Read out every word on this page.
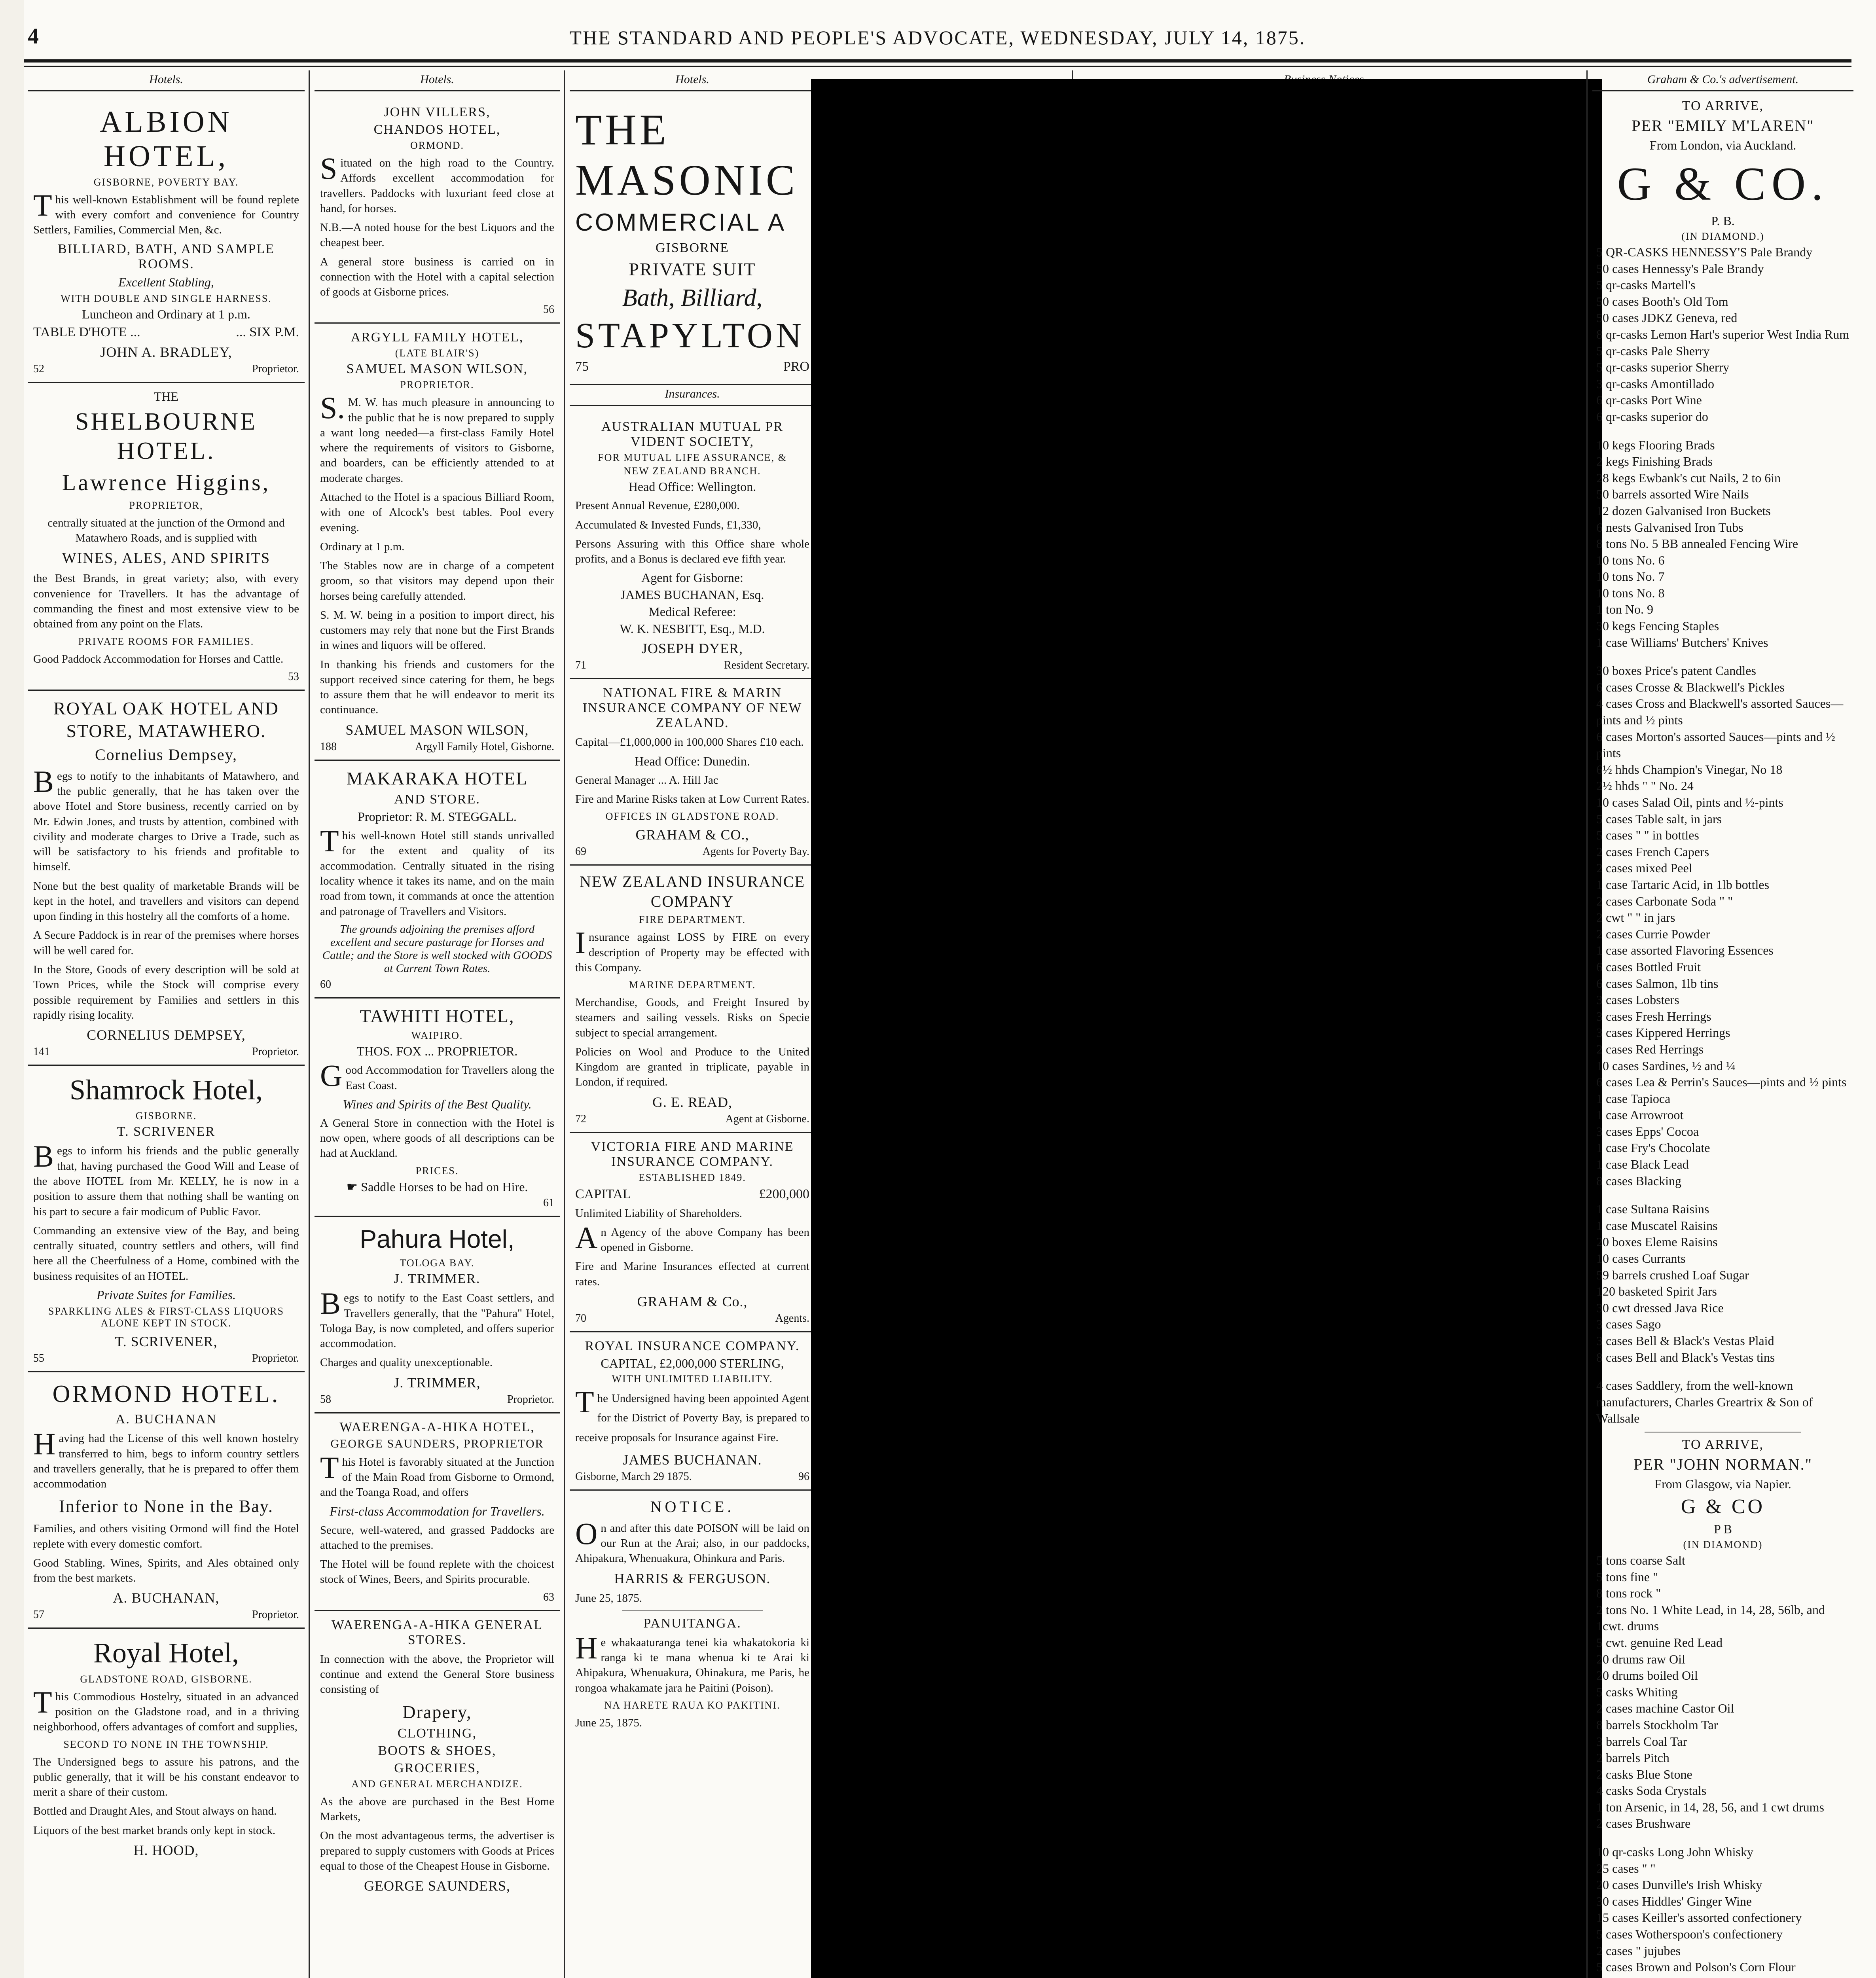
4	THE STANDARD AND PEOPLE'S ADVOCATE, WEDNESDAY, JULY 14, 1875.
Hotels.
ALBION HOTEL,
GISBORNE, POVERTY BAY.
This well-known Establishment will be found replete with every comfort and convenience for Country Settlers, Families, Commercial Men, &c.
BILLIARD, BATH, AND SAMPLE ROOMS.
Excellent Stabling,
WITH DOUBLE AND SINGLE HARNESS.
Luncheon and Ordinary at 1 p.m.
TABLE D'HOTE ...	... SIX P.M.
JOHN A. BRADLEY,
52	Proprietor.
THE
SHELBOURNE HOTEL.
Lawrence Higgins,
PROPRIETOR,
centrally situated at the junction of the Ormond and Matawhero Roads, and is supplied with
WINES, ALES, AND SPIRITS
the Best Brands, in great variety; also, with every convenience for Travellers. It has the advantage of commanding the finest and most extensive view to be obtained from any point on the Flats.
PRIVATE ROOMS FOR FAMILIES.
Good Paddock Accommodation for Horses and Cattle.
53
ROYAL OAK HOTEL AND STORE, MATAWHERO.
Cornelius Dempsey,
Begs to notify to the inhabitants of Matawhero, and the public generally, that he has taken over the above Hotel and Store business, recently carried on by Mr. Edwin Jones, and trusts by attention, combined with civility and moderate charges to Drive a Trade, such as will be satisfactory to his friends and profitable to himself.
None but the best quality of marketable Brands will be kept in the hotel, and travellers and visitors can depend upon finding in this hostelry all the comforts of a home.
A Secure Paddock is in rear of the premises where horses will be well cared for.
In the Store, Goods of every description will be sold at Town Prices, while the Stock will comprise every possible requirement by Families and settlers in this rapidly rising locality.
CORNELIUS DEMPSEY,
141	Proprietor.
Shamrock Hotel,
GISBORNE.
T. SCRIVENER
Begs to inform his friends and the public generally that, having purchased the Good Will and Lease of the above HOTEL from Mr. KELLY, he is now in a position to assure them that nothing shall be wanting on his part to secure a fair modicum of Public Favor.
Commanding an extensive view of the Bay, and being centrally situated, country settlers and others, will find here all the Cheerfulness of a Home, combined with the business requisites of an HOTEL.
Private Suites for Families.
SPARKLING ALES & FIRST-CLASS LIQUORS ALONE KEPT IN STOCK.
T. SCRIVENER,
55	Proprietor.
ORMOND HOTEL.
A. BUCHANAN
Having had the License of this well known hostelry transferred to him, begs to inform country settlers and travellers generally, that he is prepared to offer them accommodation
Inferior to None in the Bay.
Families, and others visiting Ormond will find the Hotel replete with every domestic comfort.
Good Stabling. Wines, Spirits, and Ales obtained only from the best markets.
A. BUCHANAN,
57	Proprietor.
Royal Hotel,
GLADSTONE ROAD, GISBORNE.
This Commodious Hostelry, situated in an advanced position on the Gladstone road, and in a thriving neighborhood, offers advantages of comfort and supplies,
SECOND TO NONE IN THE TOWNSHIP.
The Undersigned begs to assure his patrons, and the public generally, that it will be his constant endeavor to merit a share of their custom.
Bottled and Draught Ales, and Stout always on hand.
Liquors of the best market brands only kept in stock.
H. HOOD,
Hotels.
JOHN VILLERS,
CHANDOS HOTEL,
ORMOND.
Situated on the high road to the Country. Affords excellent accommodation for travellers. Paddocks with luxuriant feed close at hand, for horses.
N.B.—A noted house for the best Liquors and the cheapest beer.
A general store business is carried on in connection with the Hotel with a capital selection of goods at Gisborne prices.
56
ARGYLL FAMILY HOTEL,
(LATE BLAIR'S)
SAMUEL MASON WILSON,
PROPRIETOR.
S.M. W. has much pleasure in announcing to the public that he is now prepared to supply a want long needed—a first-class Family Hotel where the requirements of visitors to Gisborne, and boarders, can be efficiently attended to at moderate charges.
Attached to the Hotel is a spacious Billiard Room, with one of Alcock's best tables. Pool every evening.
Ordinary at 1 p.m.
The Stables now are in charge of a competent groom, so that visitors may depend upon their horses being carefully attended.
S. M. W. being in a position to import direct, his customers may rely that none but the First Brands in wines and liquors will be offered.
In thanking his friends and customers for the support received since catering for them, he begs to assure them that he will endeavor to merit its continuance.
SAMUEL MASON WILSON,
188	Argyll Family Hotel, Gisborne.
MAKARAKA HOTEL
AND STORE.
Proprietor: R. M. STEGGALL.
This well-known Hotel still stands unrivalled for the extent and quality of its accommodation. Centrally situated in the rising locality whence it takes its name, and on the main road from town, it commands at once the attention and patronage of Travellers and Visitors.
The grounds adjoining the premises afford excellent and secure pasturage for Horses and Cattle; and the Store is well stocked with GOODS at Current Town Rates.
60
TAWHITI HOTEL,
WAIPIRO.
THOS. FOX ... PROPRIETOR.
Good Accommodation for Travellers along the East Coast.
Wines and Spirits of the Best Quality.
A General Store in connection with the Hotel is now open, where goods of all descriptions can be had at Auckland.
PRICES.
☛ Saddle Horses to be had on Hire.
61
Pahura Hotel,
TOLOGA BAY.
J. TRIMMER.
Begs to notify to the East Coast settlers, and Travellers generally, that the "Pahura" Hotel, Tologa Bay, is now completed, and offers superior accommodation.
Charges and quality unexceptionable.
J. TRIMMER,
58	Proprietor.
WAERENGA-A-HIKA HOTEL,
GEORGE SAUNDERS, PROPRIETOR
This Hotel is favorably situated at the Junction of the Main Road from Gisborne to Ormond, and the Toanga Road, and offers
First-class Accommodation for Travellers.
Secure, well-watered, and grassed Paddocks are attached to the premises.
The Hotel will be found replete with the choicest stock of Wines, Beers, and Spirits procurable.
63
WAERENGA-A-HIKA GENERAL STORES.
In connection with the above, the Proprietor will continue and extend the General Store business consisting of
Drapery,
CLOTHING,
BOOTS & SHOES,
GROCERIES,
AND GENERAL MERCHANDIZE.
As the above are purchased in the Best Home Markets,
On the most advantageous terms, the advertiser is prepared to supply customers with Goods at Prices equal to those of the Cheapest House in Gisborne.
GEORGE SAUNDERS,
Hotels.
THE MASONIC
COMMERCIAL A
GISBORNE
PRIVATE SUIT
Bath, Billiard,
STAPYLTON
75	PRO
Insurances.
AUSTRALIAN MUTUAL PR VIDENT SOCIETY,
FOR MUTUAL LIFE ASSURANCE, &
NEW ZEALAND BRANCH.
Head Office: Wellington.
Present Annual Revenue, £280,000.
Accumulated & Invested Funds, £1,330,
Persons Assuring with this Office share whole profits, and a Bonus is declared eve fifth year.
Agent for Gisborne:
JAMES BUCHANAN, Esq.
Medical Referee:
W. K. NESBITT, Esq., M.D.
JOSEPH DYER,
71	Resident Secretary.
NATIONAL FIRE & MARIN INSURANCE COMPANY OF NEW ZEALAND.
Capital—£1,000,000 in 100,000 Shares £10 each.
Head Office: Dunedin.
General Manager ... A. Hill Jac
Fire and Marine Risks taken at Low Current Rates.
OFFICES IN GLADSTONE ROAD.
GRAHAM & CO.,
69	Agents for Poverty Bay.
NEW ZEALAND INSURANCE COMPANY
FIRE DEPARTMENT.
Insurance against LOSS by FIRE on every description of Property may be effected with this Company.
MARINE DEPARTMENT.
Merchandise, Goods, and Freight Insured by steamers and sailing vessels. Risks on Specie subject to special arrangement.
Policies on Wool and Produce to the United Kingdom are granted in triplicate, payable in London, if required.
G. E. READ,
72	Agent at Gisborne.
VICTORIA FIRE AND MARINE INSURANCE COMPANY.
ESTABLISHED 1849.
CAPITAL	£200,000
Unlimited Liability of Shareholders.
An Agency of the above Company has been opened in Gisborne.
Fire and Marine Insurances effected at current rates.
GRAHAM & Co.,
70	Agents.
ROYAL INSURANCE COMPANY.
CAPITAL, £2,000,000 STERLING,
WITH UNLIMITED LIABILITY.
The Undersigned having been appointed Agent for the District of Poverty Bay, is prepared to receive proposals for Insurance against Fire.
JAMES BUCHANAN.
Gisborne, March 29 1875.	96
NOTICE.
On and after this date POISON will be laid on our Run at the Arai; also, in our paddocks, Ahipakura, Whenuakura, Ohinkura and Paris.
HARRIS & FERGUSON.
June 25, 1875.
PANUITANGA.
He whakaaturanga tenei kia whakatokoria ki ranga ki te mana whenua ki te Arai ki Ahipakura, Whenuakura, Ohinakura, me Paris, he rongoa whakamate jara he Paitini (Poison).
NA HARETE RAUA KO PAKITINI.
June 25, 1875.
Graham & Co.'s advertisement.
TO ARRIVE,
PER "EMILY M'LAREN"
From London, via Auckland.
G & CO.
P. B.
(IN DIAMOND.)

5 QR-CASKS HENNESSY'S Pale Brandy

50 cases Hennessy's Pale Brandy

5 qr-casks Martell's

50 cases Booth's Old Tom

50 cases JDKZ Geneva, red

8 qr-casks Lemon Hart's superior West India Rum

5 qr-casks Pale Sherry

5 qr-casks superior Sherry

3 qr-casks Amontillado

6 qr-casks Port Wine

6 qr-casks superior do

10 kegs Flooring Brads

2 kegs Finishing Brads

28 kegs Ewbank's cut Nails, 2 to 6in

50 barrels assorted Wire Nails

12 dozen Galvanised Iron Buckets

6 nests Galvanised Iron Tubs

8 tons No. 5 BB annealed Fencing Wire

10 tons No. 6

10 tons No. 7

10 tons No. 8

1 ton No. 9

30 kegs Fencing Staples

1 case Williams' Butchers' Knives

30 boxes Price's patent Candles

6 cases Crosse & Blackwell's Pickles

4 cases Cross and Blackwell's assorted Sauces—pints and ½ pints

6 cases Morton's assorted Sauces—pints and ½ pints

6½ hhds Champion's Vinegar, No 18

2½ hhds " " No. 24

10 cases Salad Oil, pints and ½-pints

5 cases Table salt, in jars

5 cases " " in bottles

2 cases French Capers

2 cases mixed Peel

1 case Tartaric Acid, in 1lb bottles

2 cases Carbonate Soda " "

2 cwt " " in jars

2 cases Currie Powder

1 case assorted Flavoring Essences

6 cases Bottled Fruit

6 cases Salmon, 1lb tins

3 cases Lobsters

3 cases Fresh Herrings

3 cases Kippered Herrings

2 cases Red Herrings

10 cases Sardines, ½ and ¼

6 cases Lea & Perrin's Sauces—pints and ½ pints

1 case Tapioca

1 case Arrowroot

3 cases Epps' Cocoa

1 case Fry's Chocolate

1 case Black Lead

8 cases Blacking

1 case Sultana Raisins

1 case Muscatel Raisins

20 boxes Eleme Raisins

10 cases Currants

59 barrels crushed Loaf Sugar

120 basketed Spirit Jars

30 cwt dressed Java Rice

3 cases Sago

3 cases Bell & Black's Vestas Plaid

8 cases Bell and Black's Vestas tins

4 cases Saddlery, from the well-known manufacturers, Charles Greartrix & Son of Wallsale

TO ARRIVE,
PER "JOHN NORMAN."
From Glasgow, via Napier.
G & CO
P B
(IN DIAMOND)

5 tons coarse Salt

5 tons fine "

8 tons rock "

2 tons No. 1 White Lead, in 14, 28, 56lb, and 1cwt. drums

5 cwt. genuine Red Lead

20 drums raw Oil

20 drums boiled Oil

5 casks Whiting

2 cases machine Castor Oil

8 barrels Stockholm Tar

3 barrels Coal Tar

2 barrels Pitch

2 casks Blue Stone

4 casks Soda Crystals

1 ton Arsenic, in 14, 28, 56, and 1 cwt drums

2 cases Brushware

10 qr-casks Long John Whisky

25 cases " "

20 cases Dunville's Irish Whisky

30 cases Hiddles' Ginger Wine

15 cases Keiller's assorted confectionery

5 cases Wotherspoon's confectionery

2 cases " jujubes

5 cases Brown and Polson's Corn Flour
